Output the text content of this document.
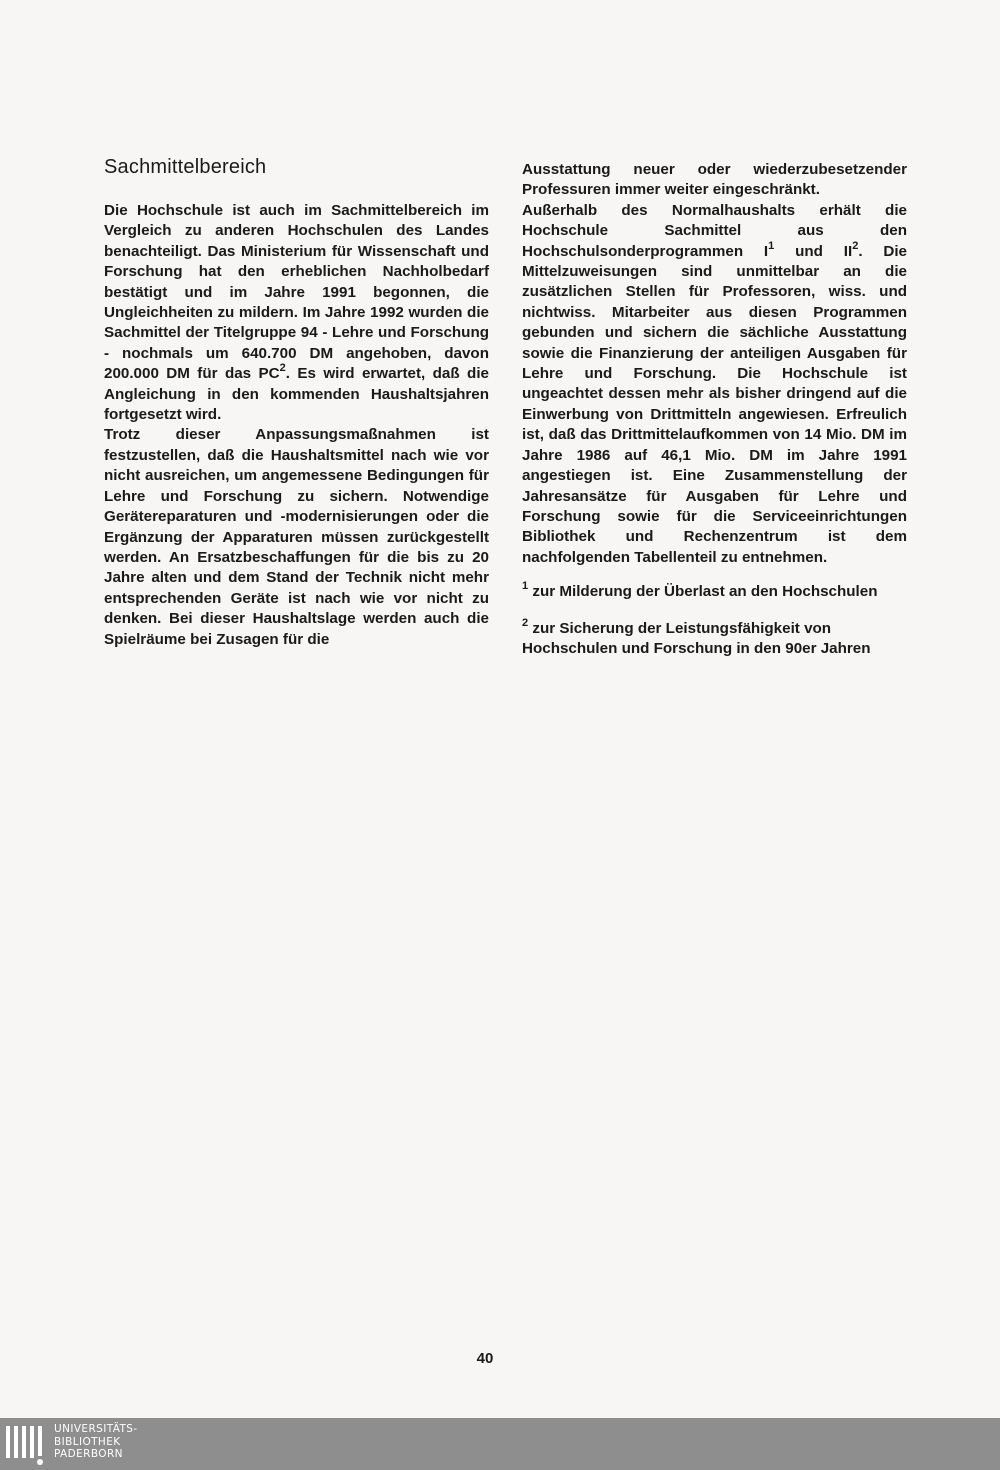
Sachmittelbereich

Die Hochschule ist auch im Sachmittelbereich im Vergleich zu anderen Hochschulen des Landes benachteiligt. Das Ministerium für Wissenschaft und Forschung hat den erheblichen Nachholbedarf bestätigt und im Jahre 1991 begonnen, die Ungleichheiten zu mildern. Im Jahre 1992 wurden die Sachmittel der Titelgruppe 94 - Lehre und Forschung - nochmals um 640.700 DM angehoben, davon 200.000 DM für das $PC^2$. Es wird erwartet, daß die Angleichung in den kommenden Haushaltsjahren fortgesetzt wird.

Trotz dieser Anpassungsmaßnahmen ist festzustellen, daß die Haushaltsmittel nach wie vor nicht ausreichen, um angemessene Bedingungen für Lehre und Forschung zu sichern. Notwendige Gerätereparaturen und -modernisierungen oder die Ergänzung der Apparaturen müssen zurückgestellt werden. An Ersatzbeschaffungen für die bis zu 20 Jahre alten und dem Stand der Technik nicht mehr entsprechenden Geräte ist nach wie vor nicht zu denken. Bei dieser Haushaltslage werden auch die Spielräume bei Zusagen für die

Ausstattung neuer oder wiederzubesetzender Professuren immer weiter eingeschränkt.

Außerhalb des Normalhaushalts erhält die Hochschule Sachmittel aus den Hochschulsonderprogrammen $I^1$ und $II^2$. Die Mittelzuweisungen sind unmittelbar an die zusätzlichen Stellen für Professoren, wiss. und nichtwiss. Mitarbeiter aus diesen Programmen gebunden und sichern die sächliche Ausstattung sowie die Finanzierung der anteiligen Ausgaben für Lehre und Forschung. Die Hochschule ist ungeachtet dessen mehr als bisher dringend auf die Einwerbung von Drittmitteln angewiesen. Erfreulich ist, daß das Drittmittelaufkommen von 14 Mio. DM im Jahre 1986 auf 46,1 Mio. DM im Jahre 1991 angestiegen ist. Eine Zusammenstellung der Jahresansätze für Ausgaben für Lehre und Forschung sowie für die Serviceeinrichtungen Bibliothek und Rechenzentrum ist dem nachfolgenden Tabellenteil zu entnehmen.

$^1$ zur Milderung der Überlast an den Hochschulen

$^2$ zur Sicherung der Leistungsfähigkeit von Hochschulen und Forschung in den 90er Jahren

40
UNIVERSITÄTS-
BIBLIOTHEK
PADERBORN
